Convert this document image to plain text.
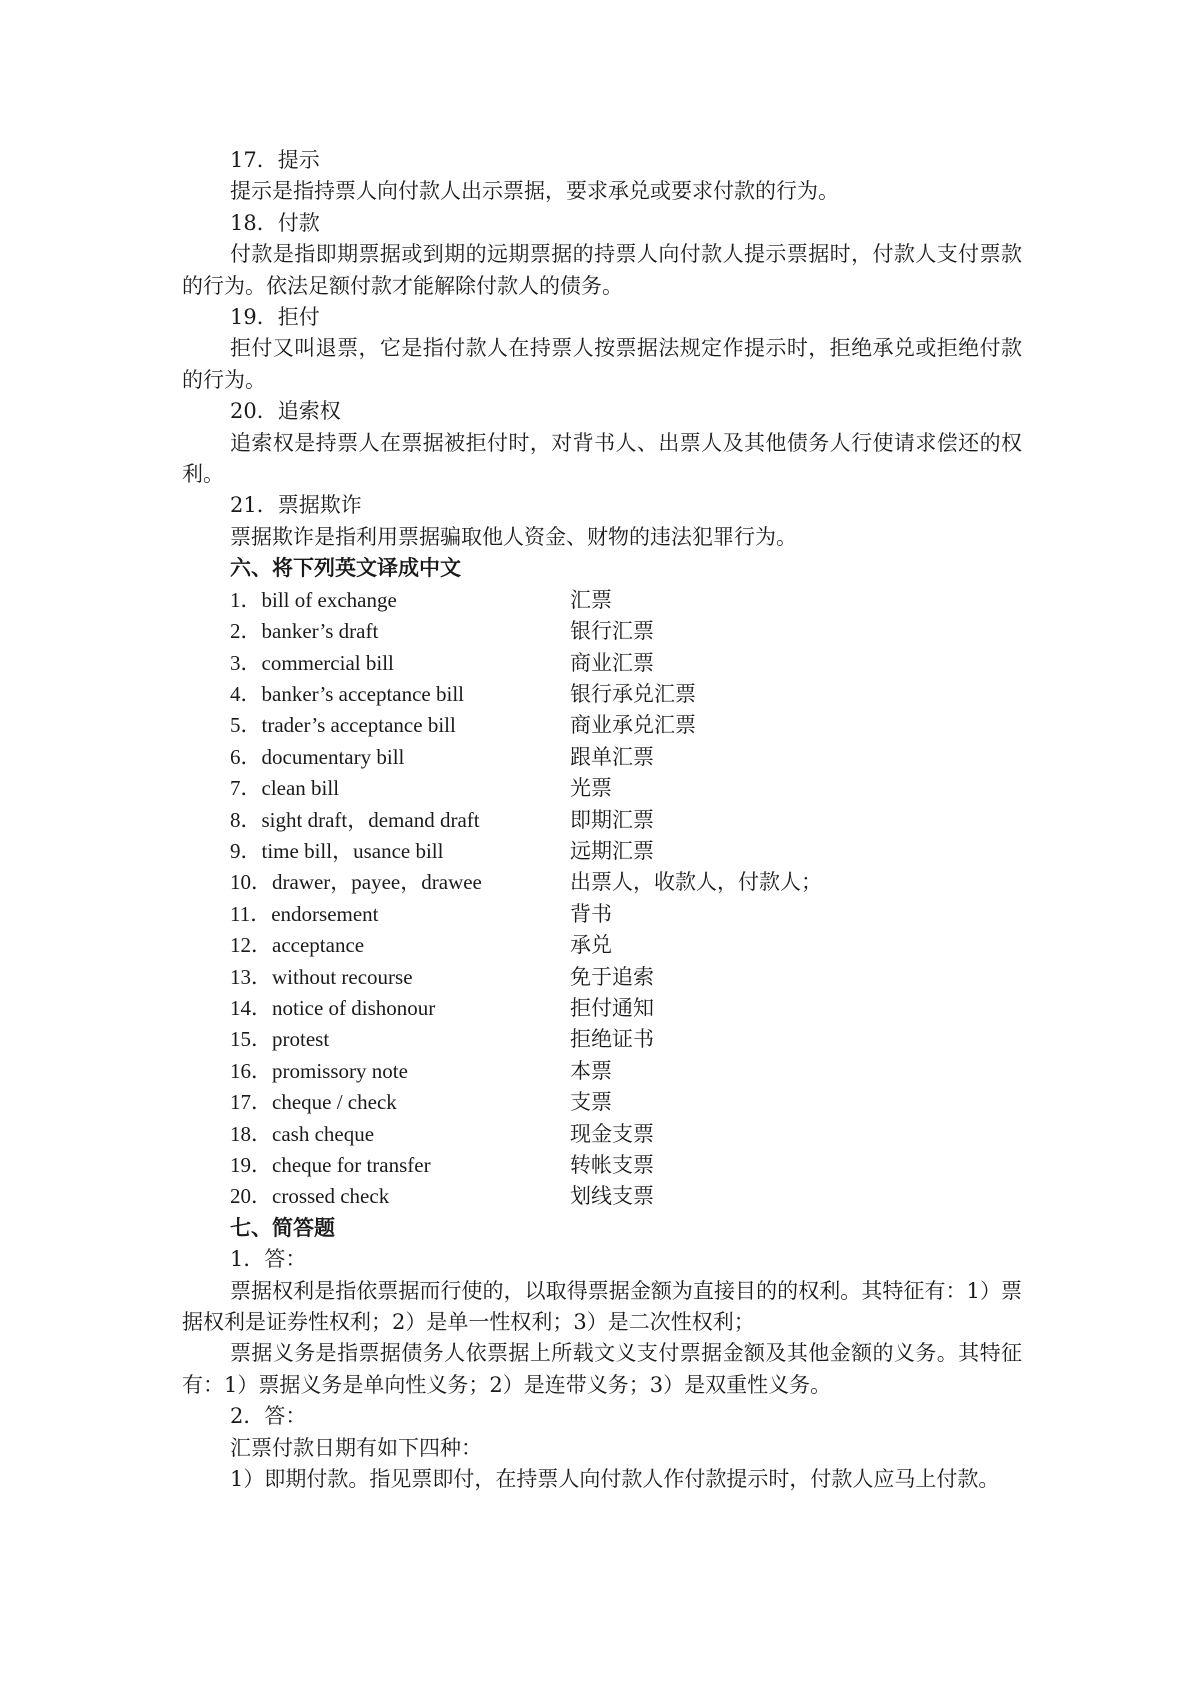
17．提示
提示是指持票人向付款人出示票据，要求承兑或要求付款的行为。
18．付款
付款是指即期票据或到期的远期票据的持票人向付款人提示票据时，付款人支付票款的行为。依法足额付款才能解除付款人的债务。
19．拒付
拒付又叫退票，它是指付款人在持票人按票据法规定作提示时，拒绝承兑或拒绝付款的行为。
20．追索权
追索权是持票人在票据被拒付时，对背书人、出票人及其他债务人行使请求偿还的权利。
21．票据欺诈
票据欺诈是指利用票据骗取他人资金、财物的违法犯罪行为。
六、将下列英文译成中文
1．bill of exchange	汇票
2．banker’s draft	银行汇票
3．commercial bill	商业汇票
4．banker’s acceptance bill	银行承兑汇票
5．trader’s acceptance bill	商业承兑汇票
6．documentary bill	跟单汇票
7．clean bill	光票
8．sight draft，demand draft	即期汇票
9．time bill，usance bill	远期汇票
10．drawer，payee，drawee	出票人，收款人，付款人；
11．endorsement	背书
12．acceptance	承兑
13．without recourse	免于追索
14．notice of dishonour	拒付通知
15．protest	拒绝证书
16．promissory note	本票
17．cheque / check	支票
18．cash cheque	现金支票
19．cheque for transfer	转帐支票
20．crossed check	划线支票
七、简答题
1．答：
票据权利是指依票据而行使的，以取得票据金额为直接目的的权利。其特征有：1）票据权利是证券性权利；2）是单一性权利；3）是二次性权利；
票据义务是指票据债务人依票据上所载文义支付票据金额及其他金额的义务。其特征有：1）票据义务是单向性义务；2）是连带义务；3）是双重性义务。
2．答：
汇票付款日期有如下四种：
1）即期付款。指见票即付，在持票人向付款人作付款提示时，付款人应马上付款。
